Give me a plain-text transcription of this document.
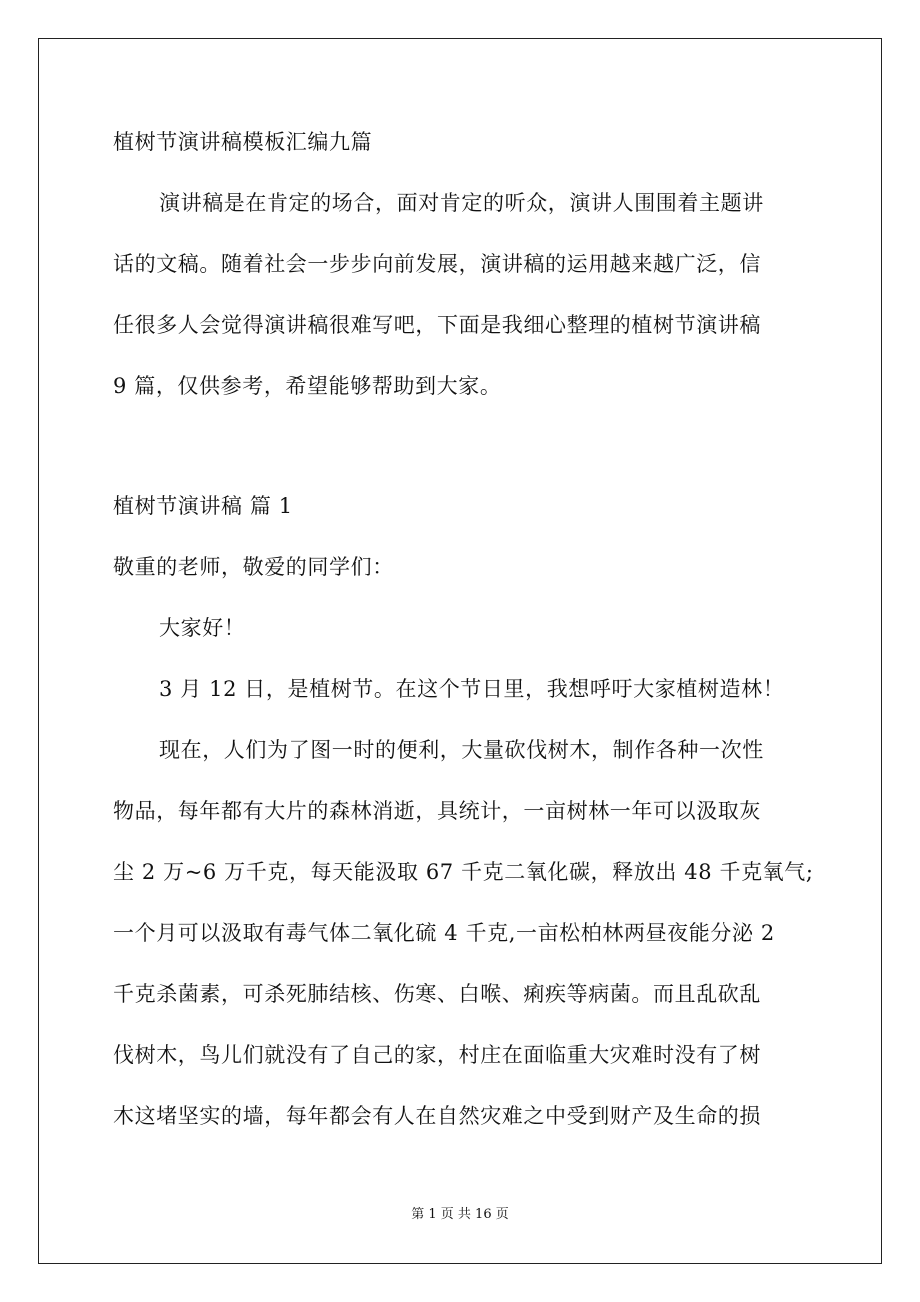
植树节演讲稿模板汇编九篇
演讲稿是在肯定的场合，面对肯定的听众，演讲人围围着主题讲
话的文稿。随着社会一步步向前发展，演讲稿的运用越来越广泛，信
任很多人会觉得演讲稿很难写吧，下面是我细心整理的植树节演讲稿
9 篇，仅供参考，希望能够帮助到大家。
植树节演讲稿 篇 1
敬重的老师，敬爱的同学们：
大家好！
3 月 12 日，是植树节。在这个节日里，我想呼吁大家植树造林！
现在，人们为了图一时的便利，大量砍伐树木，制作各种一次性
物品，每年都有大片的森林消逝，具统计，一亩树林一年可以汲取灰
尘 2 万~6 万千克，每天能汲取 67 千克二氧化碳，释放出 48 千克氧气;
一个月可以汲取有毒气体二氧化硫 4 千克,一亩松柏林两昼夜能分泌 2
千克杀菌素，可杀死肺结核、伤寒、白喉、痢疾等病菌。而且乱砍乱
伐树木，鸟儿们就没有了自己的家，村庄在面临重大灾难时没有了树
木这堵坚实的墙，每年都会有人在自然灾难之中受到财产及生命的损
第 1 页 共 16 页
